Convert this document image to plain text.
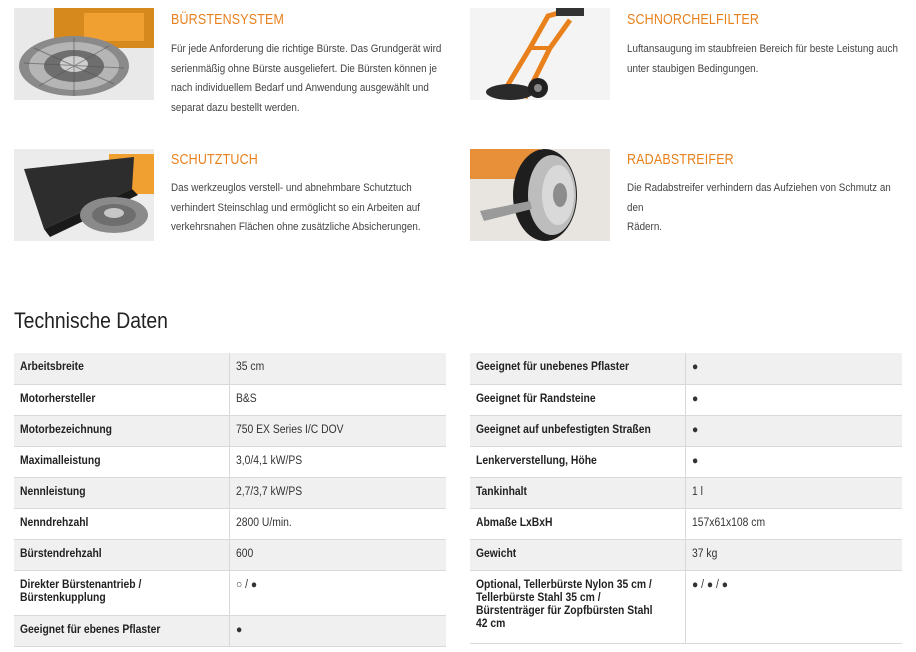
BÜRSTENSYSTEM
Für jede Anforderung die richtige Bürste. Das Grundgerät wird
serienmäßig ohne Bürste ausgeliefert. Die Bürsten können je
nach individuellem Bedarf und Anwendung ausgewählt und
separat dazu bestellt werden.
SCHNORCHELFILTER
Luftansaugung im staubfreien Bereich für beste Leistung auch
unter staubigen Bedingungen.
SCHUTZTUCH
Das werkzeuglos verstell- und abnehmbare Schutztuch
verhindert Steinschlag und ermöglicht so ein Arbeiten auf
verkehrsnahen Flächen ohne zusätzliche Absicherungen.
RADABSTREIFER
Die Radabstreifer verhindern das Aufziehen von Schmutz an den
Rädern.
Technische Daten
Arbeitsbreite	35 cm
Motorhersteller	B&S
Motorbezeichnung	750 EX Series I/C DOV
Maximalleistung	3,0/4,1 kW/PS
Nennleistung	2,7/3,7 kW/PS
Nenndrehzahl	2800 U/min.
Bürstendrehzahl	600
Direkter Bürstenantrieb / Bürstenkupplung	○ / ●
Geeignet für ebenes Pflaster	●
Geeignet für unebenes Pflaster	●
Geeignet für Randsteine	●
Geeignet auf unbefestigten Straßen	●
Lenkerverstellung, Höhe	●
Tankinhalt	1 l
Abmaße LxBxH	157x61x108 cm
Gewicht	37 kg
Optional, Tellerbürste Nylon 35 cm / Tellerbürste Stahl 35 cm / Bürstenträger für Zopfbürsten Stahl 42 cm	● / ● / ●
